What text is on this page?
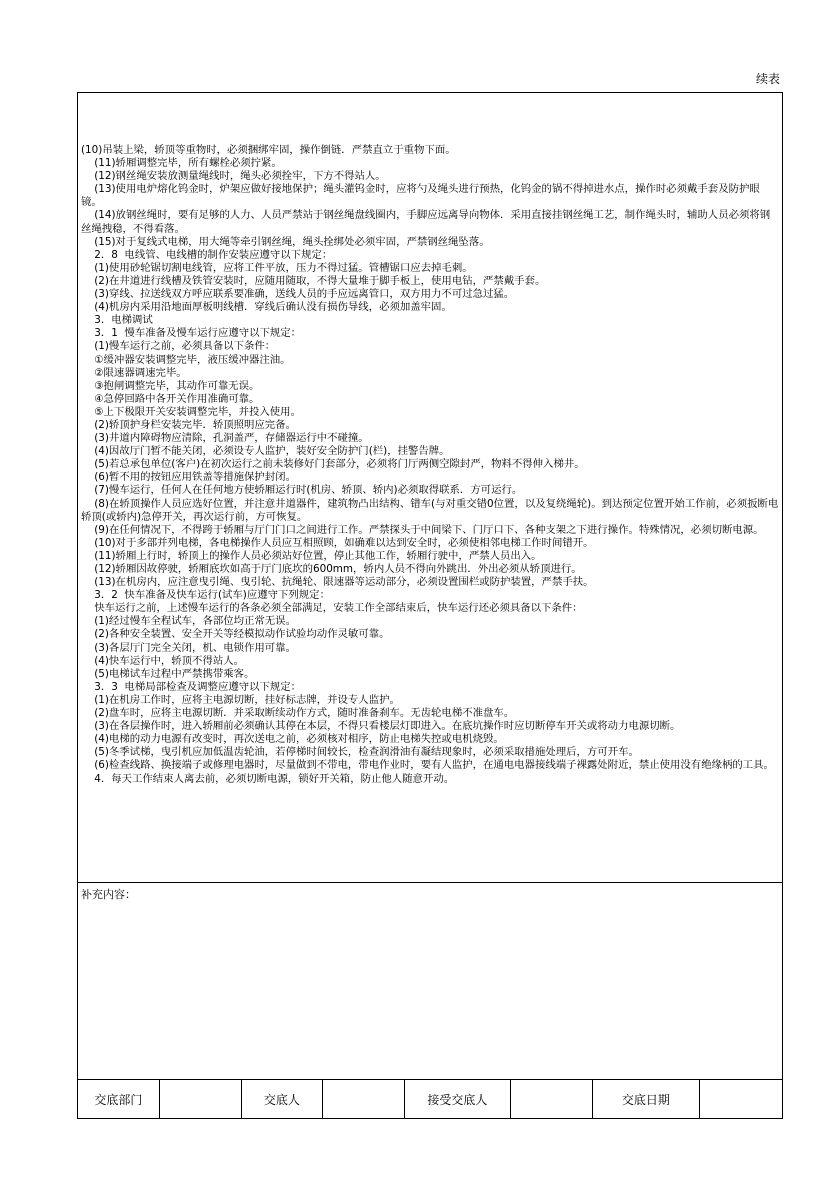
续表
(10)吊装上梁，轿顶等重物时，必须捆绑牢固，操作倒链．严禁直立于重物下面。
(11)轿厢调整完毕，所有螺栓必须拧紧。
(12)钢丝绳安装放测量绳线时，绳头必须拴牢，下方不得站人。
(13)使用电炉熔化钨金时，炉架应做好接地保护；绳头灌钨金时，应将勺及绳头进行预热，化钨金的锅不得掉进水点，操作时必须戴手套及防护眼镜。
(14)放钢丝绳时，要有足够的人力、人员严禁站于钢丝绳盘线圈内，手脚应远离导向物体．采用直接挂钢丝绳工艺，制作绳头时，辅助人员必须将钢丝绳拽稳，不得看落。
(15)对于复线式电梯，用大绳等牵引钢丝绳，绳头拴绑处必须牢固，严禁钢丝绳坠落。
2．8  电线管、电线槽的制作安装应遵守以下规定：
(1)使用砂轮锯切割电线管，应将工件平放，压力不得过猛。管槽锯口应去掉毛刺。
(2)在井道进行线槽及铁管安装时，应随用随取，不得大量堆于脚手板上，使用电钻，严禁戴手套。
(3)穿线、拉送线双方呼应联系要准确，送线人员的手应远离管口，双方用力不可过急过猛。
(4)机房内采用沿地面厚板明线槽．穿线后确认没有损伤导线，必须加盖牢固。
3．电梯调试
3．1  慢车准备及慢车运行应遵守以下规定：
(1)慢车运行之前，必须具备以下条件：
①缓冲器安装调整完毕，液压缓冲器注油。
②限速器调速完毕。
③抱闸调整完毕，其动作可靠无误。
④急停回路中各开关作用准确可靠。
⑤上下极限开关安装调整完毕，并投入使用。
(2)轿顶护身栏安装完毕．轿顶照明应完备。
(3)井道内障碍物应清除，孔洞盖严，存储器运行中不碰撞。
(4)因故厅门暂不能关闭，必须设专人监护，装好安全防护门(栏)，挂警告牌。
(5)若总承包单位(客户)在初次运行之前未装修好门套部分，必须将门厅两侧空隙封严，物料不得伸入梯井。
(6)暂不用的按钮应用铁盖等措施保护封闭。
(7)慢车运行，任何人在任何地方使轿厢运行时(机房、轿顶、轿内)必须取得联系．方可运行。
(8)在轿顶操作人员应选好位置，并注意井道器件，建筑物凸出结构、错车(与对重交错0位置，以及复绕绳轮)。到达预定位置开始工作前，必须扳断电轿顶(或轿内)急停开关，再次运行前，方可恢复。
(9)在任何情况下，不得跨于轿厢与厅门门口之间进行工作。严禁探头于中间梁下、门厅口下、各种支架之下进行操作。特殊情况，必须切断电源。
(10)对于多部并列电梯，各电梯操作人员应互相照顾，如确难以达到安全时，必须使相邻电梯工作时间错开。
(11)轿厢上行时，轿顶上的操作人员必须站好位置，停止其他工作，轿厢行驶中，严禁人员出入。
(12)轿厢因故停驶，轿厢底坎如高于厅门底坎的600mm，轿内人员不得向外跳出．外出必须从轿顶进行。
(13)在机房内，应注意曳引绳、曳引轮、抗绳轮、限速器等运动部分，必须设置围栏或防护装置，严禁手扶。
3．2  快车准备及快车运行(试车)应遵守下列规定：
快车运行之前，上述慢车运行的各条必须全部满足，安装工作全部结束后，快车运行还必须具备以下条件：
(1)经过慢车全程试车，各部位均正常无误。
(2)各种安全装置、安全开关等经模拟动作试验均动作灵敏可靠。
(3)各层厅门完全关闭，机、电锁作用可靠。
(4)快车运行中，轿顶不得站人。
(5)电梯试车过程中严禁携带乘客。
3．3  电梯局部检查及调整应遵守以下规定：
(1)在机房工作时，应将主电源切断，挂好标志牌，并设专人监护。
(2)盘车时，应将主电源切断．并采取断续动作方式，随时准备刹车。无齿轮电梯不准盘车。
(3)在各层操作时，进入轿厢前必须确认其停在本层，不得只看楼层灯即进入。在底坑操作时应切断停车开关或将动力电源切断。
(4)电梯的动力电源有改变时，再次送电之前，必须核对相序，防止电梯失控或电机烧毁。
(5)冬季试梯，曳引机应加低温齿轮油，若停梯时间较长，检查润滑油有凝结现象时，必须采取措施处理后，方可开车。
(6)检查线路、换接端子或修理电器时，尽量做到不带电，带电作业时，要有人监护，在通电电器接线端子裸露处附近，禁止使用没有绝缘柄的工具。
4．每天工作结束人离去前，必须切断电源，锁好开关箱，防止他人随意开动。
补充内容：
交底部门	交底人	接受交底人	交底日期
